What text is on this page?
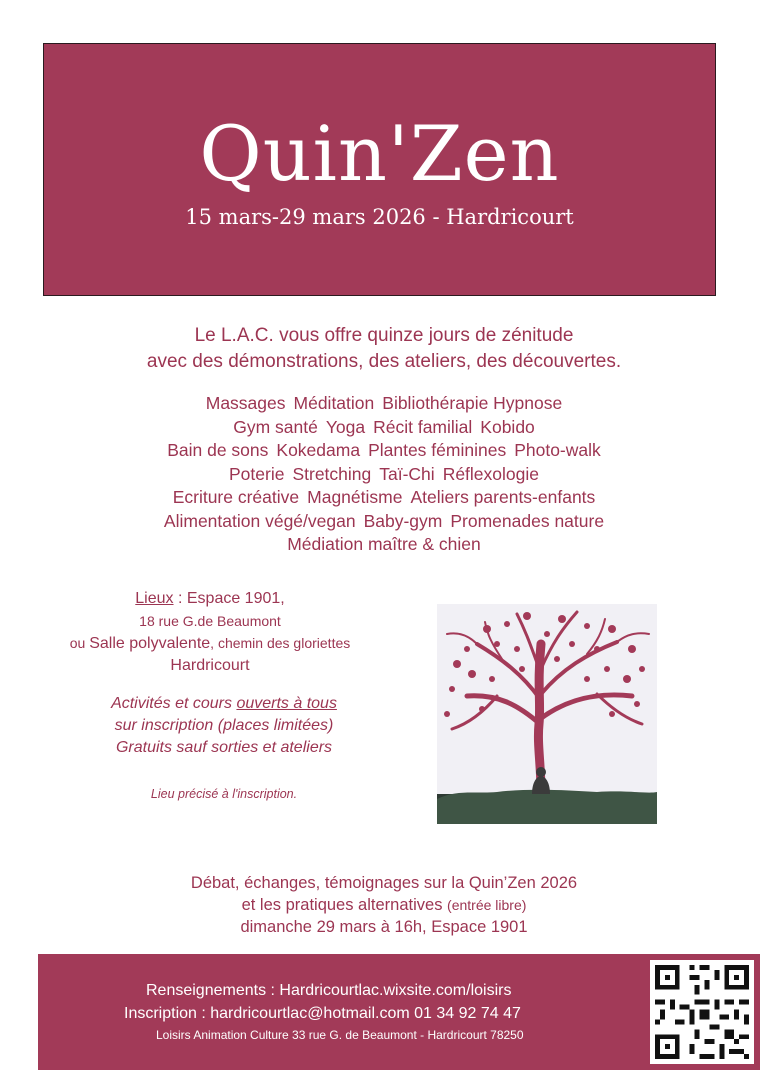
Quin'Zen
15 mars-29 mars 2026 - Hardricourt
Le L.A.C. vous offre quinze jours de zénitude
avec des démonstrations, des ateliers, des découvertes.
Massages Méditation Bibliothérapie Hypnose
Gym santé Yoga Récit familial Kobido
Bain de sons Kokedama Plantes féminines Photo-walk
Poterie Stretching Taï-Chi Réflexologie
Ecriture créative Magnétisme Ateliers parents-enfants
Alimentation végé/vegan Baby-gym Promenades nature
Médiation maître & chien
Lieux : Espace 1901,
18 rue G.de Beaumont
ou Salle polyvalente, chemin des gloriettes
Hardricourt
Activités et cours ouverts à tous
sur inscription (places limitées)
Gratuits sauf sorties et ateliers
Lieu précisé à l'inscription.
Débat, échanges, témoignages sur la Quin’Zen 2026
et les pratiques alternatives (entrée libre)
dimanche 29 mars à 16h, Espace 1901
Renseignements : Hardricourtlac.wixsite.com/loisirs
Inscription : hardricourtlac@hotmail.com 01 34 92 74 47
Loisirs Animation Culture 33 rue G. de Beaumont - Hardricourt 78250
